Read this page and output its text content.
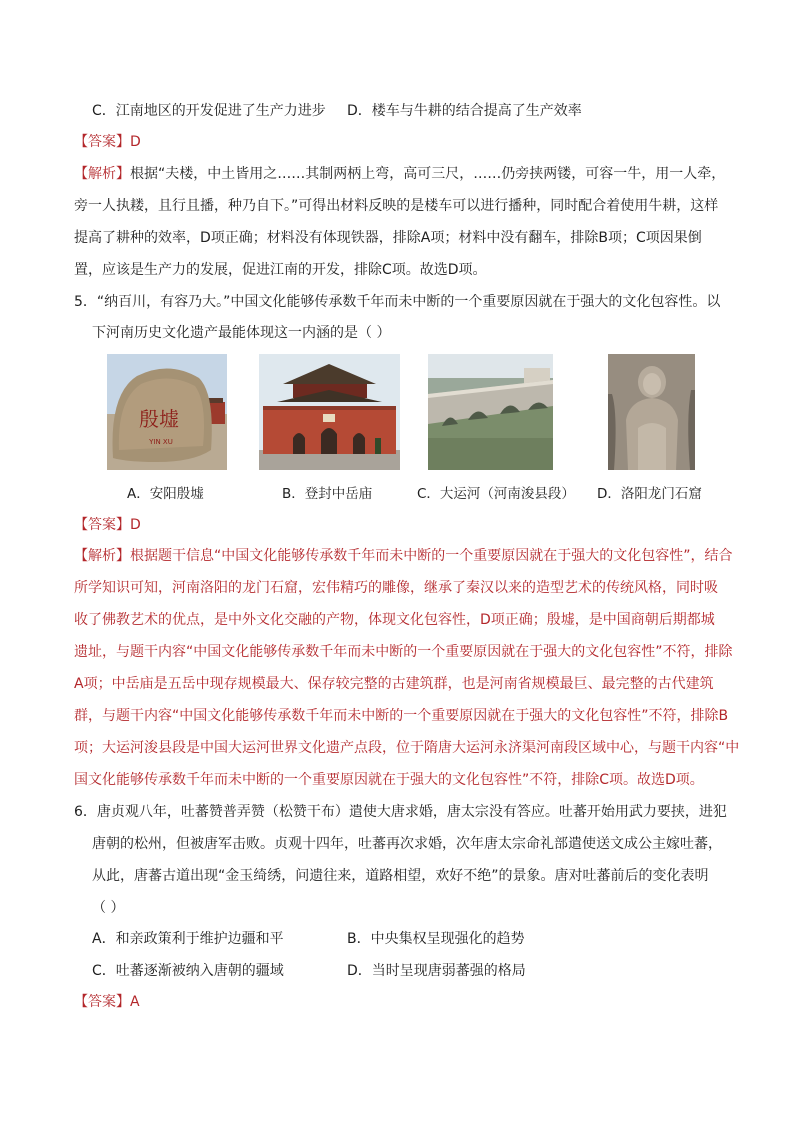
C．江南地区的开发促进了生产力进步 D．楼车与牛耕的结合提高了生产效率
【答案】D
【解析】根据“夫楼，中土皆用之……其制两柄上弯，高可三尺，……仍旁挟两镂，可容一牛，用一人牵，
旁一人执耧，且行且播，种乃自下。”可得出材料反映的是楼车可以进行播种，同时配合着使用牛耕，这样
提高了耕种的效率，D项正确；材料没有体现铁器，排除A项；材料中没有翻车，排除B项；C项因果倒
置，应该是生产力的发展，促进江南的开发，排除C项。故选D项。
5．“纳百川，有容乃大。”中国文化能够传承数千年而未中断的一个重要原因就在于强大的文化包容性。以
下河南历史文化遗产最能体现这一内涵的是（ ）
殷墟
YIN XU
A．安阳殷墟	B．登封中岳庙	C．大运河（河南浚县段） D．洛阳龙门石窟
【答案】D
【解析】根据题干信息“中国文化能够传承数千年而未中断的一个重要原因就在于强大的文化包容性”，结合
所学知识可知，河南洛阳的龙门石窟，宏伟精巧的雕像，继承了秦汉以来的造型艺术的传统风格，同时吸
收了佛教艺术的优点，是中外文化交融的产物，体现文化包容性，D项正确；殷墟，是中国商朝后期都城
遗址，与题干内容“中国文化能够传承数千年而未中断的一个重要原因就在于强大的文化包容性”不符，排除
A项；中岳庙是五岳中现存规模最大、保存较完整的古建筑群，也是河南省规模最巨、最完整的古代建筑
群，与题干内容“中国文化能够传承数千年而未中断的一个重要原因就在于强大的文化包容性”不符，排除B
项；大运河浚县段是中国大运河世界文化遗产点段，位于隋唐大运河永济渠河南段区域中心，与题干内容“中
国文化能够传承数千年而未中断的一个重要原因就在于强大的文化包容性”不符，排除C项。故选D项。
6．唐贞观八年，吐蕃赞普弄赞（松赞干布）遣使大唐求婚，唐太宗没有答应。吐蕃开始用武力要挟，进犯
唐朝的松州，但被唐军击败。贞观十四年，吐蕃再次求婚，次年唐太宗命礼部遣使送文成公主嫁吐蕃，
从此，唐蕃古道出现“金玉绮绣，问遗往来，道路相望，欢好不绝”的景象。唐对吐蕃前后的变化表明
（ ）
A．和亲政策利于维护边疆和平	B．中央集权呈现强化的趋势
C．吐蕃逐渐被纳入唐朝的疆域	D．当时呈现唐弱蕃强的格局
【答案】A
